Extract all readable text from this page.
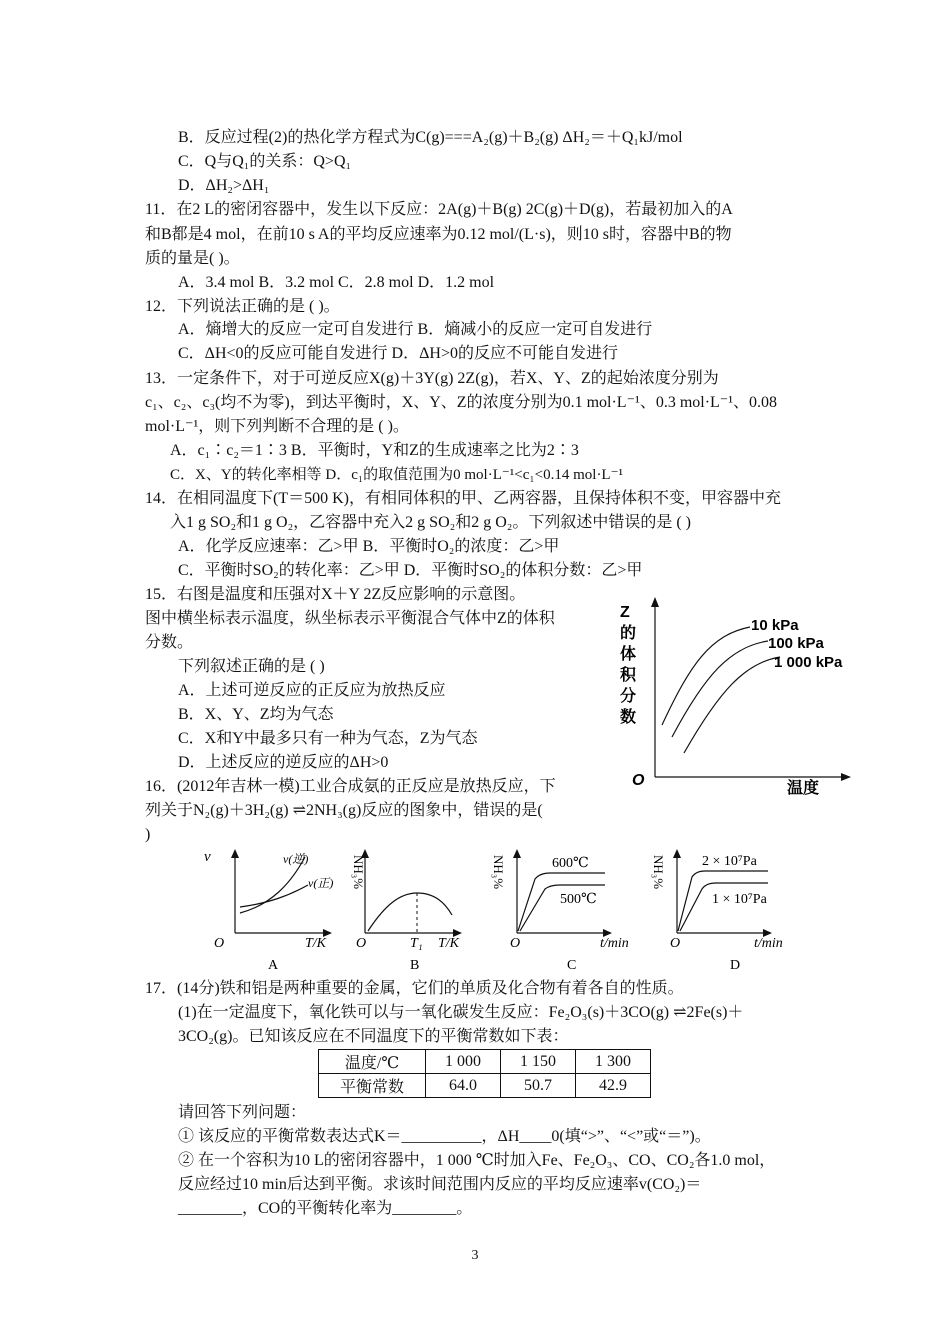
B．反应过程(2)的热化学方程式为C(g)===A₂(g)＋B₂(g) ΔH₂＝＋Q₁kJ/mol
C．Q与Q₁的关系：Q>Q₁
D．ΔH₂>ΔH₁
11．在2 L的密闭容器中，发生以下反应：2A(g)＋B(g) 2C(g)＋D(g)，若最初加入的A
和B都是4 mol，在前10 s A的平均反应速率为0.12 mol/(L·s)，则10 s时，容器中B的物
质的量是( )。
A．3.4 mol B．3.2 mol C．2.8 mol D．1.2 mol
12．下列说法正确的是 ( )。
A．熵增大的反应一定可自发进行 B．熵减小的反应一定可自发进行
C．ΔH<0的反应可能自发进行 D．ΔH>0的反应不可能自发进行
13．一定条件下，对于可逆反应X(g)＋3Y(g) 2Z(g)，若X、Y、Z的起始浓度分别为
c₁、c₂、c₃(均不为零)，到达平衡时，X、Y、Z的浓度分别为0.1 mol·L⁻¹、0.3 mol·L⁻¹、0.08
mol·L⁻¹，则下列判断不合理的是 ( )。
A．c₁∶c₂＝1∶3 B．平衡时，Y和Z的生成速率之比为2∶3
C．X、Y的转化率相等 D．c₁的取值范围为0 mol·L⁻¹<c₁<0.14 mol·L⁻¹
14．在相同温度下(T＝500 K)，有相同体积的甲、乙两容器，且保持体积不变，甲容器中充
入1 g SO₂和1 g O₂，乙容器中充入2 g SO₂和2 g O₂。下列叙述中错误的是 ( )
A．化学反应速率：乙>甲 B．平衡时O₂的浓度：乙>甲
C．平衡时SO₂的转化率：乙>甲 D．平衡时SO₂的体积分数：乙>甲
15．右图是温度和压强对X＋Y 2Z反应影响的示意图。
图中横坐标表示温度，纵坐标表示平衡混合气体中Z的体积
分数。
下列叙述正确的是 ( )
A．上述可逆反应的正反应为放热反应
B．X、Y、Z均为气态
C．X和Y中最多只有一种为气态，Z为气态
D．上述反应的逆反应的ΔH>0
Z
的
体
积
分
数
O	温度
10 kPa
100 kPa
1 000 kPa
16．(2012年吉林一模)工业合成氨的正反应是放热反应，下
列关于N₂(g)＋3H₂(g) ⇌2NH₃(g)反应的图象中，错误的是(
)
v	v(逆)
v(正)
O	T/K
A
NH₃%
O	T₁ T/K
B
NH₃%	600℃
500℃
O	t/min
C
NH₃%	2 × 10⁷Pa
1 × 10⁷Pa
O	t/min
D
17．(14分)铁和铝是两种重要的金属，它们的单质及化合物有着各自的性质。
(1)在一定温度下，氧化铁可以与一氧化碳发生反应：Fe₂O₃(s)＋3CO(g) ⇌2Fe(s)＋
3CO₂(g)。已知该反应在不同温度下的平衡常数如下表：
温度/℃	1 000	1 150	1 300
平衡常数	64.0	50.7	42.9
请回答下列问题：
① 该反应的平衡常数表达式K＝__________，ΔH____0(填“>”、“<”或“＝”)。
② 在一个容积为10 L的密闭容器中，1 000 ℃时加入Fe、Fe₂O₃、CO、CO₂各1.0 mol，
反应经过10 min后达到平衡。求该时间范围内反应的平均反应速率v(CO₂)＝
________，CO的平衡转化率为________。
3
